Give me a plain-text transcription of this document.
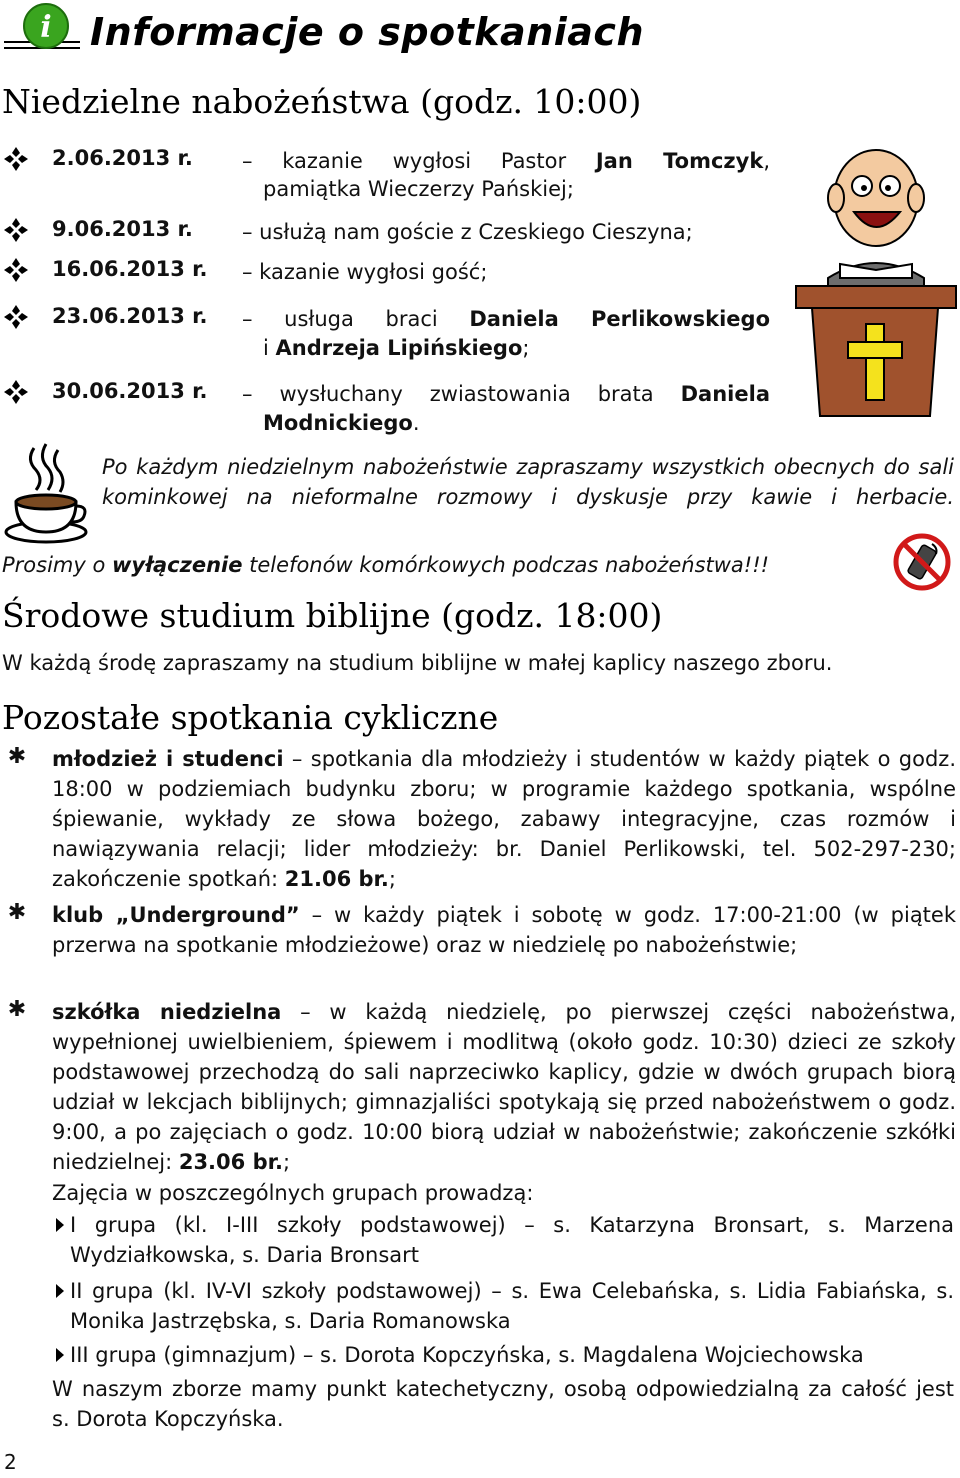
i Informacje o spotkaniach
Niedzielne nabożeństwa (godz. 10:00)
2.06.2013 r. – kazanie wygłosi Pastor Jan Tomczyk,
pamiątka Wieczerzy Pańskiej;
9.06.2013 r. – usłużą nam goście z Czeskiego Cieszyna;
16.06.2013 r. – kazanie wygłosi gość;
23.06.2013 r. – usługa braci Daniela Perlikowskiego
i Andrzeja Lipińskiego;
30.06.2013 r. – wysłuchany zwiastowania brata Daniela
Modnickiego.
Po każdym niedzielnym nabożeństwie zapraszamy wszystkich obecnych do sali kominkowej na nieformalne rozmowy i dyskusje przy kawie i herbacie.
Prosimy o wyłączenie telefonów komórkowych podczas nabożeństwa!!!
Środowe studium biblijne (godz. 18:00)
W każdą środę zapraszamy na studium biblijne w małej kaplicy naszego zboru.
Pozostałe spotkania cykliczne
✱ młodzież i studenci – spotkania dla młodzieży i studentów w każdy piątek o godz. 18:00 w podziemiach budynku zboru; w programie każdego spotkania, wspólne śpiewanie, wykłady ze słowa bożego, zabawy integracyjne, czas rozmów i nawiązywania relacji; lider młodzieży: br. Daniel Perlikowski, tel. 502-297-230; zakończenie spotkań: 21.06 br.;
✱ klub „Underground” – w każdy piątek i sobotę w godz. 17:00-21:00 (w piątek przerwa na spotkanie młodzieżowe) oraz w niedzielę po nabożeństwie;
✱ szkółka niedzielna – w każdą niedzielę, po pierwszej części nabożeństwa, wypełnionej uwielbieniem, śpiewem i modlitwą (około godz. 10:30) dzieci ze szkoły podstawowej przechodzą do sali naprzeciwko kaplicy, gdzie w dwóch grupach biorą udział w lekcjach biblijnych; gimnazjaliści spotykają się przed nabożeństwem o godz. 9:00, a po zajęciach o godz. 10:00 biorą udział w nabożeństwie; zakończenie szkółki niedzielnej: 23.06 br.;
Zajęcia w poszczególnych grupach prowadzą:
I grupa (kl. I-III szkoły podstawowej) – s. Katarzyna Bronsart, s. Marzena Wydziałkowska, s. Daria Bronsart
II grupa (kl. IV-VI szkoły podstawowej) – s. Ewa Celebańska, s. Lidia Fabiańska, s. Monika Jastrzębska, s. Daria Romanowska
III grupa (gimnazjum) – s. Dorota Kopczyńska, s. Magdalena Wojciechowska
W naszym zborze mamy punkt katechetyczny, osobą odpowiedzialną za całość jest s. Dorota Kopczyńska.
2
